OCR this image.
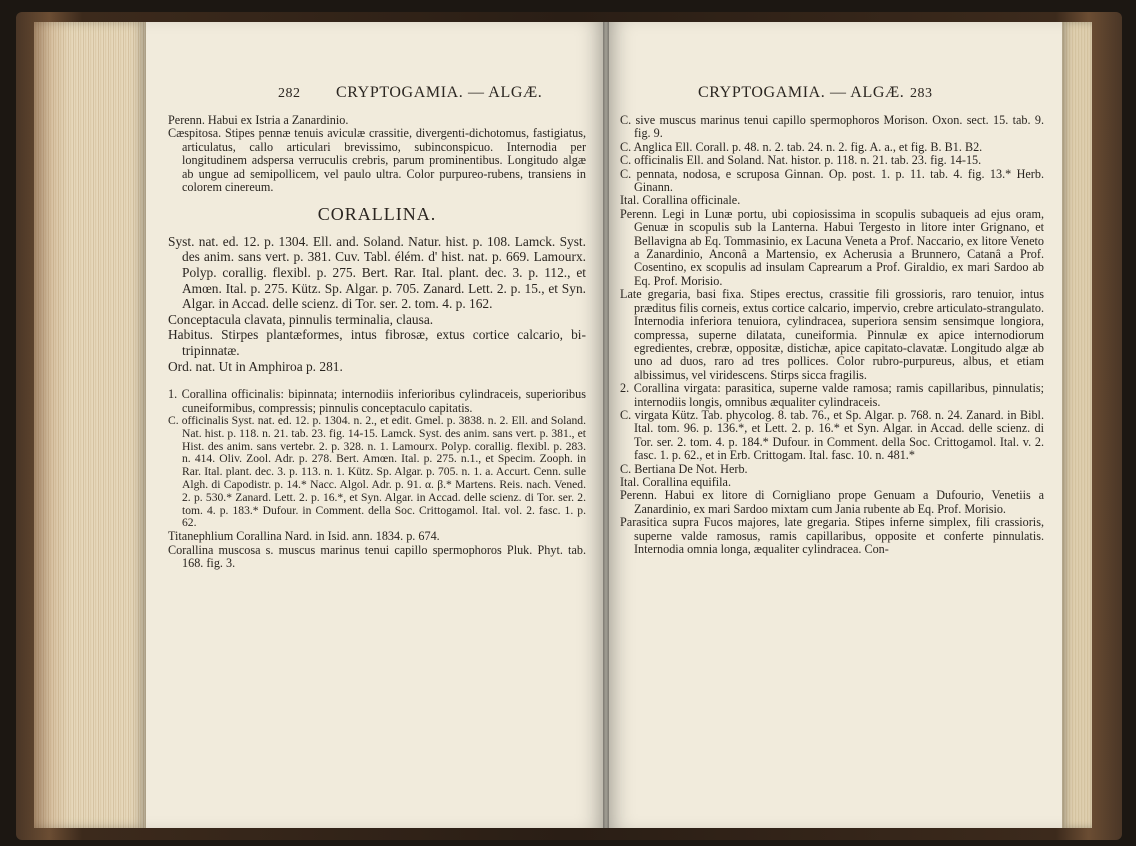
282 CRYPTOGAMIA. — ALGÆ.

Perenn. Habui ex Istria a Zanardinio.

Cæspitosa. Stipes pennæ tenuis aviculæ crassitie, divergenti-dichotomus, fastigiatus, articulatus, callo articulari brevissimo, subinconspicuo. Internodia per longitudinem adspersa verruculis crebris, parum prominentibus. Longitudo algæ ab ungue ad semipollicem, vel paulo ultra. Color purpureo-rubens, transiens in colorem cinereum.

CORALLINA.

Syst. nat. ed. 12. p. 1304. Ell. and. Soland. Natur. hist. p. 108. Lamck. Syst. des anim. sans vert. p. 381. Cuv. Tabl. élém. d' hist. nat. p. 669. Lamourx. Polyp. corallig. flexibl. p. 275. Bert. Rar. Ital. plant. dec. 3. p. 112., et Amœn. Ital. p. 275. Kütz. Sp. Algar. p. 705. Zanard. Lett. 2. p. 15., et Syn. Algar. in Accad. delle scienz. di Tor. ser. 2. tom. 4. p. 162.

Conceptacula clavata, pinnulis terminalia, clausa.

Habitus. Stirpes plantæformes, intus fibrosæ, extus cortice calcario, bi-tripinnatæ.

Ord. nat. Ut in Amphiroa p. 281.

1. Corallina officinalis: bipinnata; internodiis inferioribus cylindraceis, superioribus cuneiformibus, compressis; pinnulis conceptaculo capitatis.

C. officinalis Syst. nat. ed. 12. p. 1304. n. 2., et edit. Gmel. p. 3838. n. 2. Ell. and Soland. Nat. hist. p. 118. n. 21. tab. 23. fig. 14-15. Lamck. Syst. des anim. sans vert. p. 381., et Hist. des anim. sans vertebr. 2. p. 328. n. 1. Lamourx. Polyp. corallig. flexibl. p. 283. n. 414. Oliv. Zool. Adr. p. 278. Bert. Amœn. Ital. p. 275. n.1., et Specim. Zooph. in Rar. Ital. plant. dec. 3. p. 113. n. 1. Kütz. Sp. Algar. p. 705. n. 1. a. Accurt. Cenn. sulle Algh. di Capodistr. p. 14.* Nacc. Algol. Adr. p. 91. α. β.* Martens. Reis. nach. Vened. 2. p. 530.* Zanard. Lett. 2. p. 16.*, et Syn. Algar. in Accad. delle scienz. di Tor. ser. 2. tom. 4. p. 183.* Dufour. in Comment. della Soc. Crittogamol. Ital. vol. 2. fasc. 1. p. 62.

Titanephlium Corallina Nard. in Isid. ann. 1834. p. 674.

Corallina muscosa s. muscus marinus tenui capillo spermophoros Pluk. Phyt. tab. 168. fig. 3.

CRYPTOGAMIA. — ALGÆ. 283

C. sive muscus marinus tenui capillo spermophoros Morison. Oxon. sect. 15. tab. 9. fig. 9.

C. Anglica Ell. Corall. p. 48. n. 2. tab. 24. n. 2. fig. A. a., et fig. B. B1. B2.

C. officinalis Ell. and Soland. Nat. histor. p. 118. n. 21. tab. 23. fig. 14-15.

C. pennata, nodosa, e scruposa Ginnan. Op. post. 1. p. 11. tab. 4. fig. 13.* Herb. Ginann.

Ital. Corallina officinale.

Perenn. Legi in Lunæ portu, ubi copiosissima in scopulis subaqueis ad ejus oram, Genuæ in scopulis sub la Lanterna. Habui Tergesto in litore inter Grignano, et Bellavigna ab Eq. Tommasinio, ex Lacuna Veneta a Prof. Naccario, ex litore Veneto a Zanardinio, Anconâ a Martensio, ex Acherusia a Brunnero, Catanâ a Prof. Cosentino, ex scopulis ad insulam Caprearum a Prof. Giraldio, ex mari Sardoo ab Eq. Prof. Morisio.

Late gregaria, basi fixa. Stipes erectus, crassitie fili grossioris, raro tenuior, intus præditus filis corneis, extus cortice calcario, impervio, crebre articulato-strangulato. Internodia inferiora tenuiora, cylindracea, superiora sensim sensimque longiora, compressa, superne dilatata, cuneiformia. Pinnulæ ex apice internodiorum egredientes, crebræ, oppositæ, distichæ, apice capitato-clavatæ. Longitudo algæ ab uno ad duos, raro ad tres pollices. Color rubro-purpureus, albus, et etiam albissimus, vel viridescens. Stirps sicca fragilis.

2. Corallina virgata: parasitica, superne valde ramosa; ramis capillaribus, pinnulatis; internodiis longis, omnibus æqualiter cylindraceis.

C. virgata Kütz. Tab. phycolog. 8. tab. 76., et Sp. Algar. p. 768. n. 24. Zanard. in Bibl. Ital. tom. 96. p. 136.*, et Lett. 2. p. 16.* et Syn. Algar. in Accad. delle scienz. di Tor. ser. 2. tom. 4. p. 184.* Dufour. in Comment. della Soc. Crittogamol. Ital. v. 2. fasc. 1. p. 62., et in Erb. Crittogam. Ital. fasc. 10. n. 481.*

C. Bertiana De Not. Herb.

Ital. Corallina equifila.

Perenn. Habui ex litore di Cornigliano prope Genuam a Dufourio, Venetiis a Zanardinio, ex mari Sardoo mixtam cum Jania rubente ab Eq. Prof. Morisio.

Parasitica supra Fucos majores, late gregaria. Stipes inferne simplex, fili crassioris, superne valde ramosus, ramis capillaribus, opposite et conferte pinnulatis. Internodia omnia longa, æqualiter cylindracea. Con-
